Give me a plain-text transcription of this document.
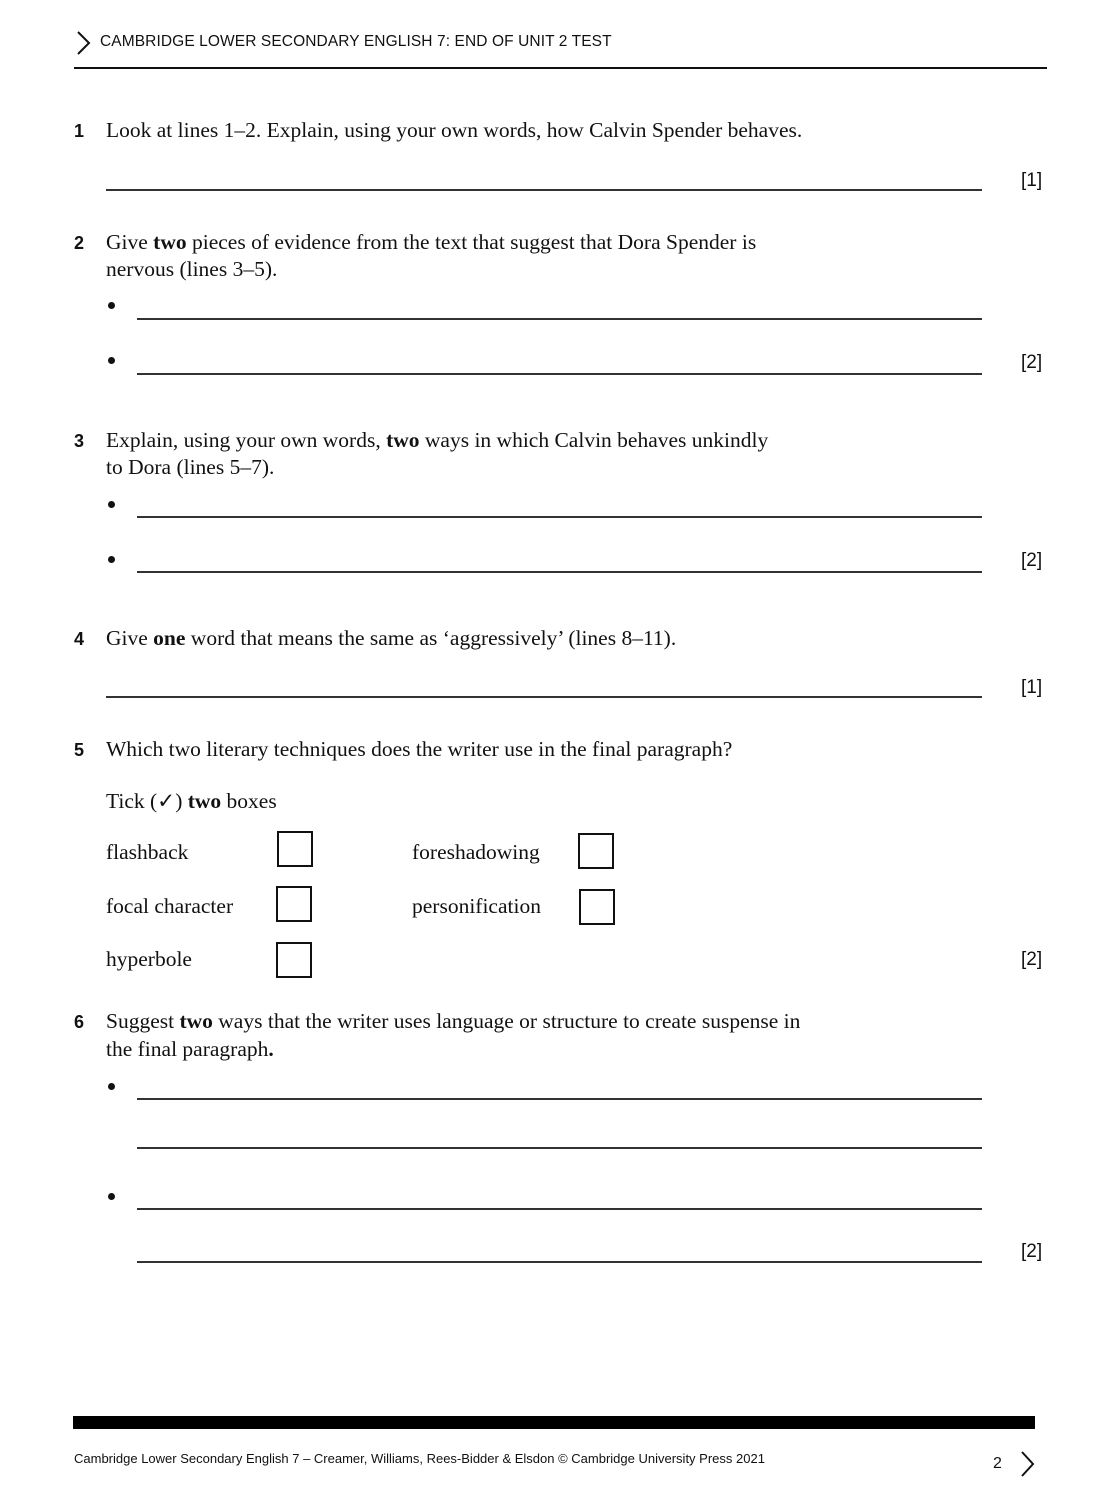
CAMBRIDGE LOWER SECONDARY ENGLISH 7: END OF UNIT 2 TEST
1 Look at lines 1–2. Explain, using your own words, how Calvin Spender behaves.
[1]
2 Give two pieces of evidence from the text that suggest that Dora Spender is
nervous (lines 3–5).
[2]
3 Explain, using your own words, two ways in which Calvin behaves unkindly
to Dora (lines 5–7).
[2]
4 Give one word that means the same as ‘aggressively’ (lines 8–11).
[1]
5 Which two literary techniques does the writer use in the final paragraph?
Tick (✓) two boxes
flashback	foreshadowing
focal character	personification
hyperbole	[2]
6 Suggest two ways that the writer uses language or structure to create suspense in
the final paragraph.
[2]
Cambridge Lower Secondary English 7 – Creamer, Williams, Rees-Bidder & Elsdon © Cambridge University Press 2021	2
